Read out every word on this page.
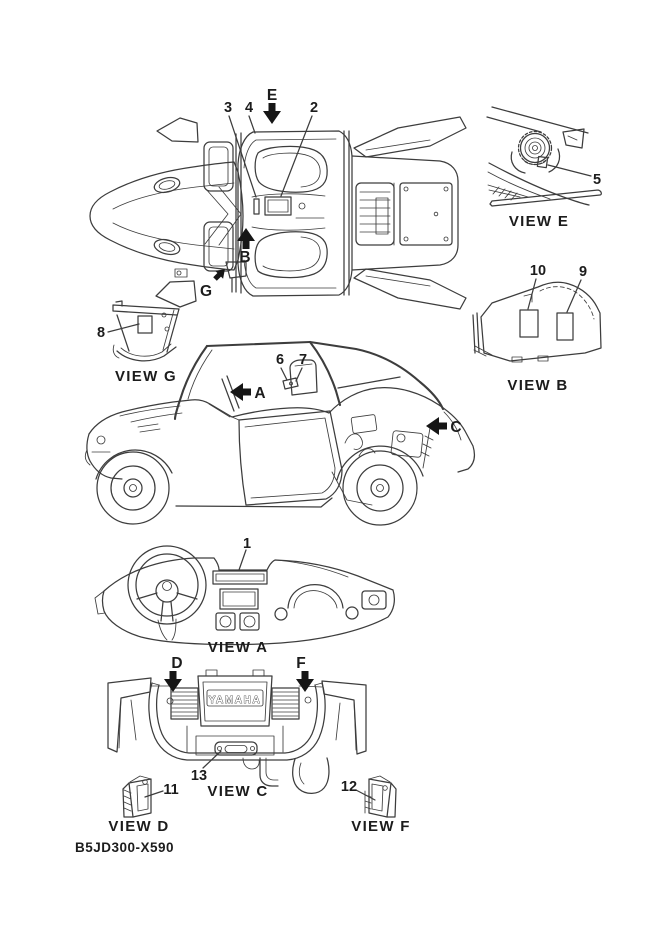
3 4
E
2
B
G
5
VIEW E
10 9
VIEW B
8
VIEW G
6 7
A
C
1
VIEW A
YAMAHA
D	F
13
VIEW C
11
VIEW D
12
VIEW F
B5JD300-X590
